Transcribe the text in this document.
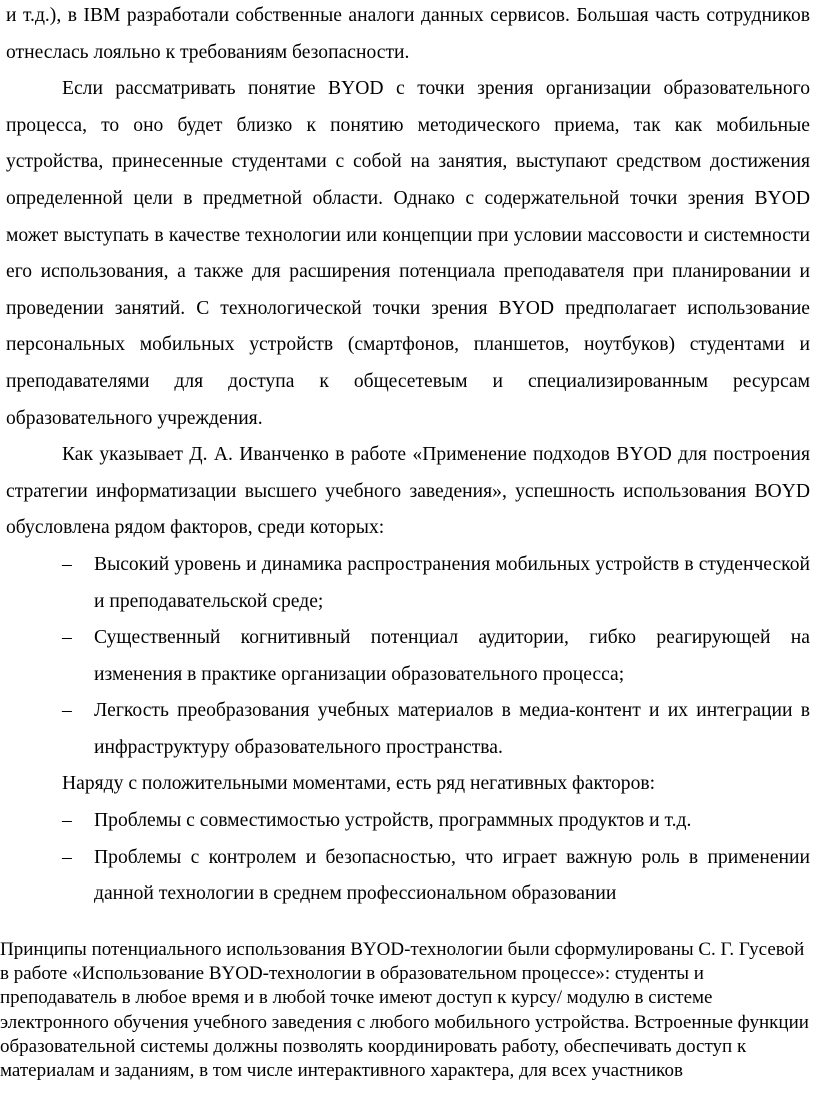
и т.д.), в IBM разработали собственные аналоги данных сервисов. Большая часть сотрудников отнеслась лояльно к требованиям безопасности.

Если рассматривать понятие BYOD с точки зрения организации образовательного процесса, то оно будет близко к понятию методического приема, так как мобильные устройства, принесенные студентами с собой на занятия, выступают средством достижения определенной цели в предметной области. Однако с содержательной точки зрения BYOD может выступать в качестве технологии или концепции при условии массовости и системности его использования, а также для расширения потенциала преподавателя при планировании и проведении занятий. С технологической точки зрения BYOD предполагает использование персональных мобильных устройств (смартфонов, планшетов, ноутбуков) студентами и преподавателями для доступа к общесетевым и специализированным ресурсам образовательного учреждения.

Как указывает Д. А. Иванченко в работе «Применение подходов BYOD для построения стратегии информатизации высшего учебного заведения», успешность использования BOYD обусловлена рядом факторов, среди которых:

– Высокий уровень и динамика распространения мобильных устройств в студенческой и преподавательской среде;
– Существенный когнитивный потенциал аудитории, гибко реагирующей на изменения в практике организации образовательного процесса;
– Легкость преобразования учебных материалов в медиа-контент и их интеграции в инфраструктуру образовательного пространства.

Наряду с положительными моментами, есть ряд негативных факторов:

– Проблемы с совместимостью устройств, программных продуктов и т.д.
– Проблемы с контролем и безопасностью, что играет важную роль в применении данной технологии в среднем профессиональном образовании

Принципы потенциального использования BYOD-технологии были сформулированы С. Г. Гусевой в работе «Использование BYOD-технологии в образовательном процессе»: студенты и преподаватель в любое время и в любой точке имеют доступ к курсу/ модулю в системе электронного обучения учебного заведения с любого мобильного устройства. Встроенные функции образовательной системы должны позволять координировать работу, обеспечивать доступ к материалам и заданиям, в том числе интерактивного характера, для всех участников
